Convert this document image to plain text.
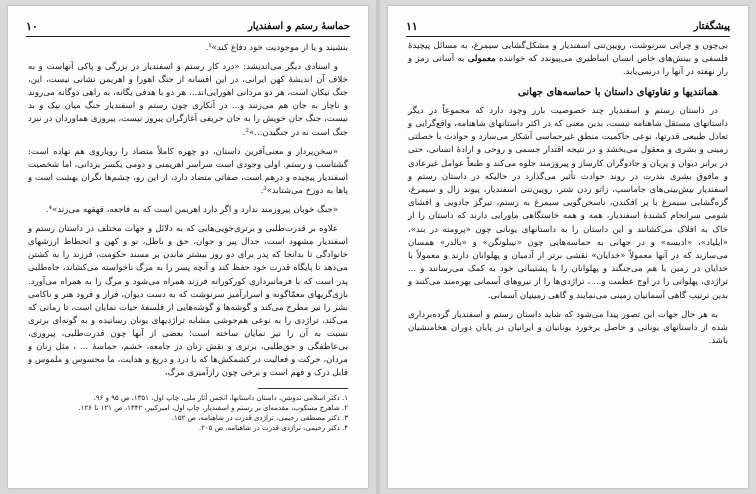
۱۰	حماسهٔ رستم و اسفندیار

بنشیند و یا از موجودیت خود دفاع کند»¹.

و اسنادی دیگر می‌اندیشد: «درد کار رستم و اسفندیار در بزرگی و پاکی آنهاست و به خلاف آن اندیشهٔ کهن ایرانی، در این افسانه از جنگ اهورا و اهریمن نشانی نیست، این، جنگ نیکان است، هر دو مردانی اهورایی‌اند... هر دو با هدفی یگانه، به راهی دوگانه می‌روند و ناچار به جان هم می‌زنند و... در آنکاری چون رستم و اسفندیار جنگ میان نیک و بد نیست، جنگ جان خویش را به جان حریفی آغازگران پیروز نیست، پیروزی هماوردان در نبرد جنگ است نه در جنگیدن...»².

«سخن‌پرداز و معنی‌آفرین داستان، دو چهره کاملاً متضاد را رویاروی هم نهاده است: گشتاسب و رستم. اولی وجودی است سراسر اهریمنی و دومی یکسر یزدانی، اما شخصیت اسفندیار پیچیده و درهم است، صفاتی متضاد دارد، از این رو، چشم‌ها نگران بهشت است و پاها به دوزخ می‌شتابد»³.

«جنگ خوبان پیروزمند ندارد و اگر دارد اهریمن است که به فاجعه، قهقهه می‌زند»⁴.

علاوه بر قدرت‌طلبی و برتری‌جویی‌هایی که به دلائل و جهات مختلف در داستان رستم و اسفندیار مشهود است، جدال پیر و جوان، حق و باطل، نو و کهن و انحطاط ارزشهای خانوادگی تا بدانجا که پدر برای دو روز بیشتر ماندن بر مسند حکومت، فرزند را به کشتن می‌دهد تا پایگاه قدرت خود حفظ کند و آنچه پسر را به مرگ ناخواسته می‌کشاند، جاه‌طلبی پدر است که با فرمانبرداری کورکورانه فرزند همراه می‌شود و مرگ را به همراه می‌آورد. بازی‌گریهای معمّاگونه و اسرارآمیز سرنوشت که به دست دیوان، فراز و فرود هنر و ناکامی بشر را نیز مطرح می‌کند و گوشه‌ها و گوشه‌هایی از فلسفهٔ حیات نمایان است، تا زمانی که می‌کند، تراژدی را به نوعی هم‌جوشی مشابه تراژدیهای یونان رسانیده و به گونه‌ای برتری نسبت به آن را نیز نمایان ساخته است؛ بعضی از آنها چون قدرت‌طلبی، پیروزی، بی‌عاطفگی و حق‌طلبی، برتری و نقش زنان در جامعه، خشم، حماسهٔ ... ، مثل زنان و مردان، حرکت و فعالیت در کشمکش‌ها که با درد و دریغ و هدایت، ما محسوس و ملموس و قابل درک و فهم است و برخی چون رازآمیزی مرگ،

۱. دکتر اسلامی ندوشن، داستان داستانها، انجمن آثار ملی، چاپ اول، ۱۳۵۱، ص ۹۵ و ۹۶.
۲. شاهرخ مسکوب، مقدمه‌ای بر رستم و اسفندیار، چاپ اول، امیرکبیر، ۱۳۴۲، ص ۱۲۱ تا ۱۲۶.
۳. دکتر مصطفی رحیمی، تراژدی قدرت در شاهنامه، ص ۱۵۲.
۴. دکتر رحیمی، تراژدی قدرت در شاهنامه، ص ۲۰۵.
۱۱	پیشگفتار

بی‌چون و چرایی سرنوشت، رویین‌تنی اسفندیار و مشکل‌گشایی سیمرغ، به مسائل پیچیدهٔ فلسفی و بینش‌های خاص انسان اساطیری می‌پیوندد که خواننده معمولی به آسانی رمز و راز نهفته در آنها را درنمی‌یابد.

همانندیها و تفاوتهای داستان با حماسه‌های جهانی

در داستان رستم و اسفندیار چند خصوصیت بارز وجود دارد که مجموعاً در دیگر داستانهای مستقل شاهنامه نیست، بدین معنی که در اکثر داستانهای شاهنامه، واقع‌گرایی و تعادل طبیعی قدرتها، نوعی حاکمیت منطق غیرحماسی آشکار می‌سازد و حوادث با خصلتی زمینی و بشری و معقول می‌بخشد و در نتیجه اقتدار جسمی و روحی و ارادهٔ انسانی، حتی در برابر دیوان و پریان و جادوگران کارساز و پیروزمند جلوه می‌کند و طبعاً عوامل غیرعادی و مافوق بشری بندرت در روند حوادث تأثیر می‌گذارد در حالیکه در داستان رستم و اسفندیار بیش‌بینی‌های جاماسپ، زاتو زدن شتر، رویین‌تنی اسفندیار، پیوند زال و سیمرغ، گره‌گشایی سیمرغ با پر افکندن، ناسخن‌گویی سیمرغ به رستم، تیرگز جادویی و افشای شومی سرانجام کشندهٔ اسفندیار، همه و همه خاستگاهی ماورایی دارند که داستان را از خاک به افلاک می‌کشانند و این داستان را به داستانهای یونانی چون «پرومته در بند»، «ایلیاد»، «ادیسه» و در جهانی به حماسه‌هایی چون «نیبلونگن» و «بالدر» همسان می‌سازند که در آنها معمولاً «خدایان» نقشی برتر از آدمیان و پهلوانان دارند و معمولاً با خدایان در زمین با هم می‌جنگند و پهلوانان را با پشتیبانی خود به کمک می‌رسانند و ... تراژدی، پهلوانی را در اوج عظمت و... ، تراژدی‌ها را از نیروهای آسمانی بهره‌مند می‌کنند و بدین ترتیب گاهی آسمانیان زمینی می‌نمایند و گاهی زمینیان آسمانی.

به هر حال جهات این تصور پیدا می‌شود که شاید داستان رستم و اسفندیار گرده‌برداری شده از داستانهای یونانی و حاصل برخورد یونانیان و ایرانیان در پایان دوران هخامنشیان باشد.
